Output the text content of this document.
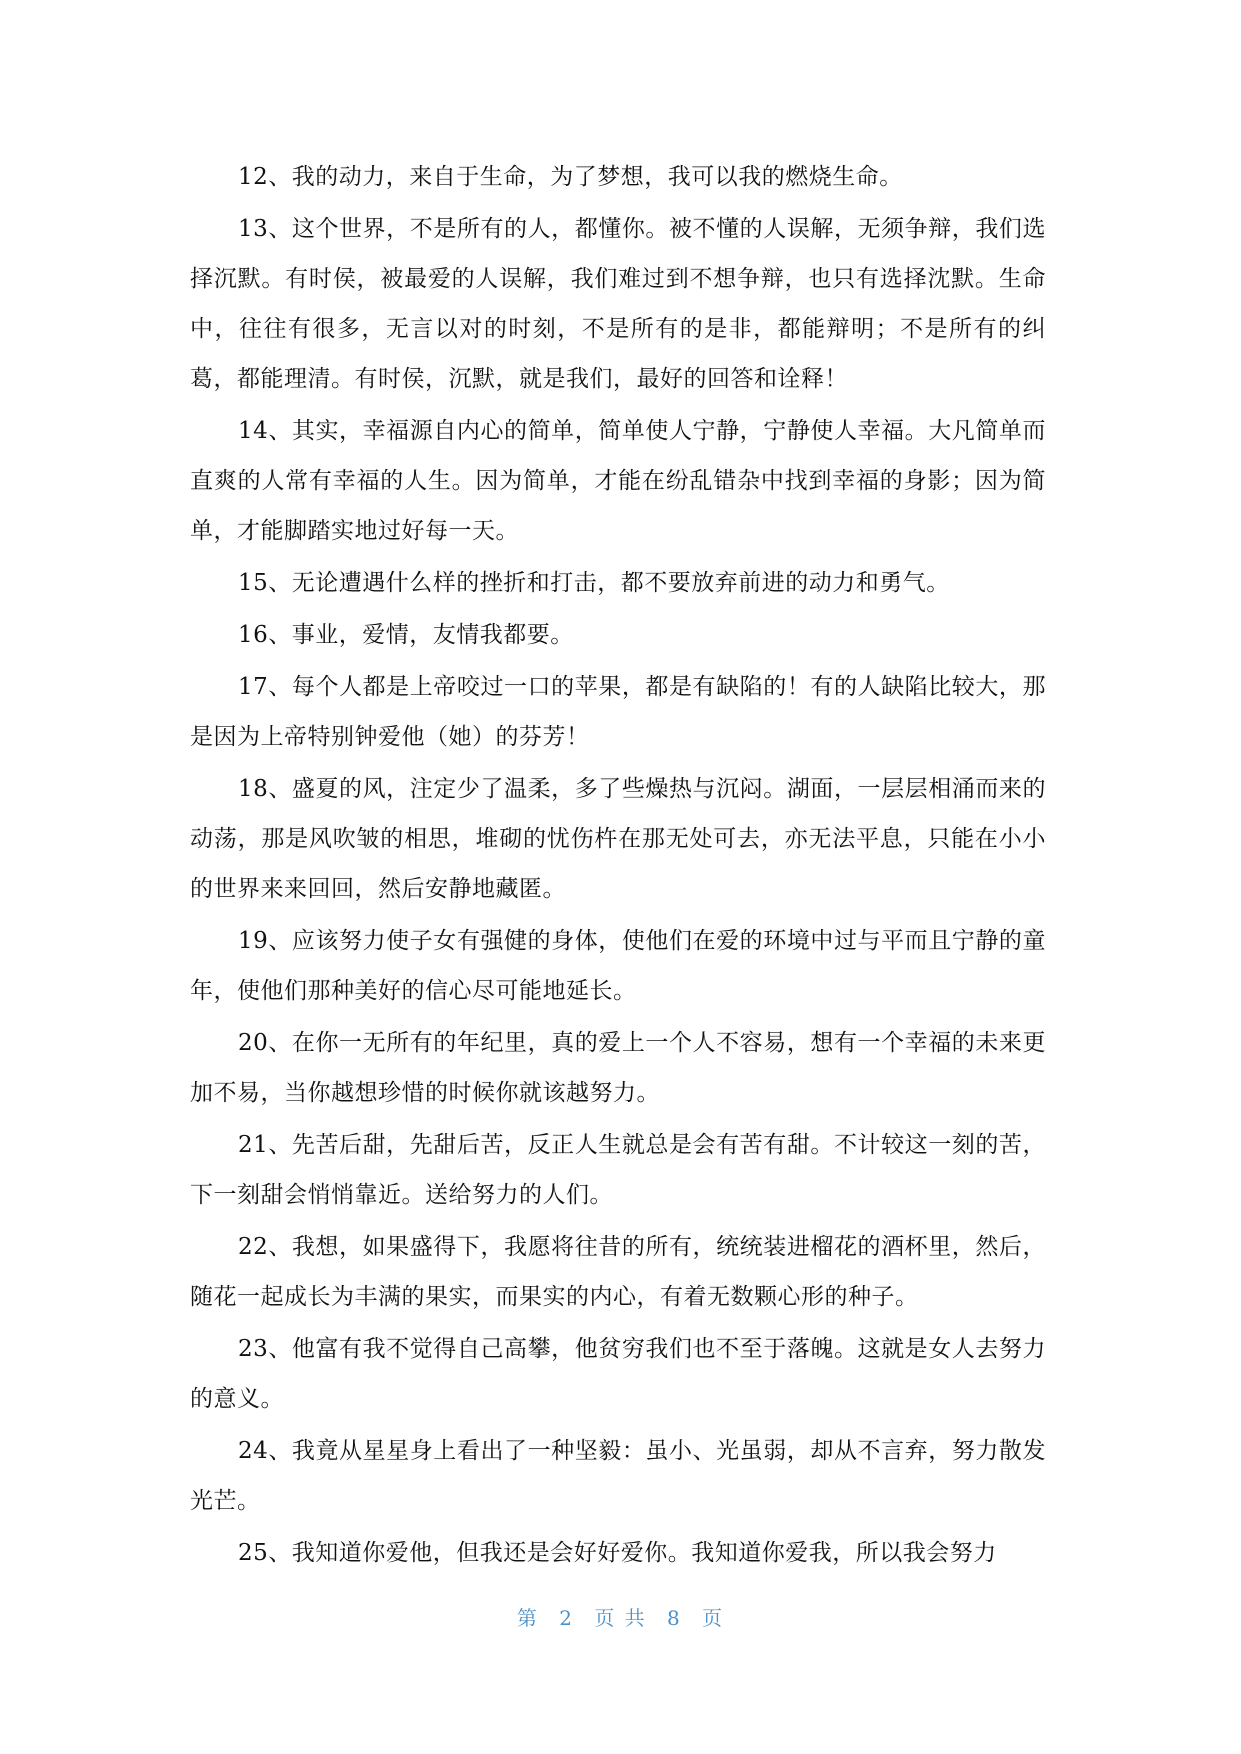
12、我的动力，来自于生命，为了梦想，我可以我的燃烧生命。

13、这个世界，不是所有的人，都懂你。被不懂的人误解，无须争辩，我们选择沉默。有时侯，被最爱的人误解，我们难过到不想争辩，也只有选择沈默。生命中，往往有很多，无言以对的时刻，不是所有的是非，都能辩明；不是所有的纠葛，都能理清。有时侯，沉默，就是我们，最好的回答和诠释！

14、其实，幸福源自内心的简单，简单使人宁静，宁静使人幸福。大凡简单而直爽的人常有幸福的人生。因为简单，才能在纷乱错杂中找到幸福的身影；因为简单，才能脚踏实地过好每一天。

15、无论遭遇什么样的挫折和打击，都不要放弃前进的动力和勇气。

16、事业，爱情，友情我都要。

17、每个人都是上帝咬过一口的苹果，都是有缺陷的！有的人缺陷比较大，那是因为上帝特别钟爱他（她）的芬芳！

18、盛夏的风，注定少了温柔，多了些燥热与沉闷。湖面，一层层相涌而来的动荡，那是风吹皱的相思，堆砌的忧伤杵在那无处可去，亦无法平息，只能在小小的世界来来回回，然后安静地藏匿。

19、应该努力使子女有强健的身体，使他们在爱的环境中过与平而且宁静的童年，使他们那种美好的信心尽可能地延长。

20、在你一无所有的年纪里，真的爱上一个人不容易，想有一个幸福的未来更加不易，当你越想珍惜的时候你就该越努力。

21、先苦后甜，先甜后苦，反正人生就总是会有苦有甜。不计较这一刻的苦，下一刻甜会悄悄靠近。送给努力的人们。

22、我想，如果盛得下，我愿将往昔的所有，统统装进榴花的酒杯里，然后，随花一起成长为丰满的果实，而果实的内心，有着无数颗心形的种子。

23、他富有我不觉得自己高攀，他贫穷我们也不至于落魄。这就是女人去努力的意义。

24、我竟从星星身上看出了一种坚毅：虽小、光虽弱，却从不言弃，努力散发光芒。

25、我知道你爱他，但我还是会好好爱你。我知道你爱我，所以我会努力

第 2 页 共 8 页
